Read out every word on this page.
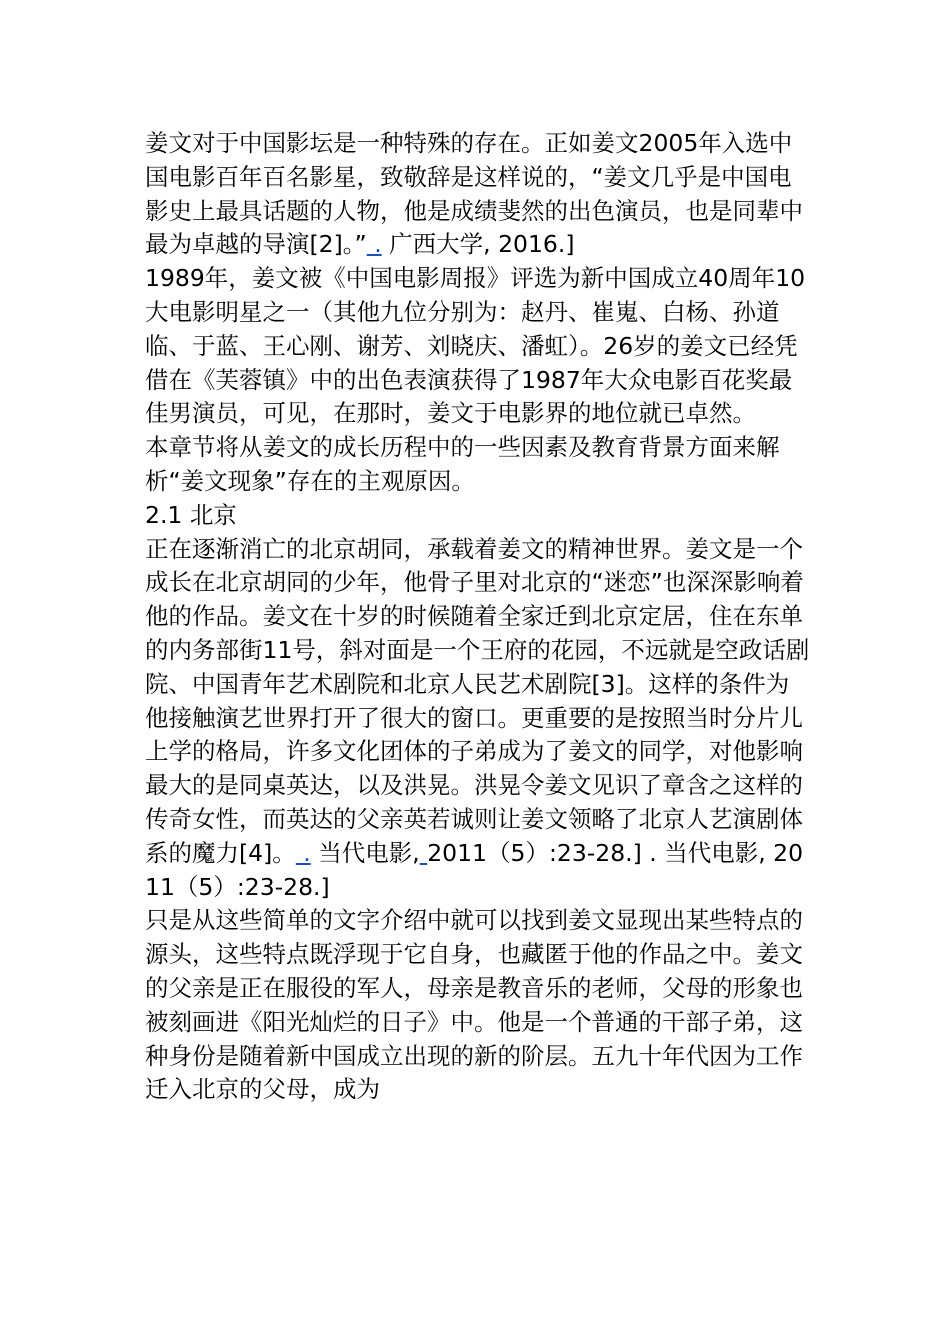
姜文对于中国影坛是一种特殊的存在。正如姜文2005年入选中国电影百年百名影星，致敬辞是这样说的，“姜文几乎是中国电影史上最具话题的人物，他是成绩斐然的出色演员，也是同辈中最为卓越的导演[2]。” . 广西大学, 2016.]

1989年，姜文被《中国电影周报》评选为新中国成立40周年10大电影明星之一（其他九位分别为：赵丹、崔嵬、白杨、孙道临、于蓝、王心刚、谢芳、刘晓庆、潘虹）。26岁的姜文已经凭借在《芙蓉镇》中的出色表演获得了1987年大众电影百花奖最佳男演员，可见，在那时，姜文于电影界的地位就已卓然。

本章节将从姜文的成长历程中的一些因素及教育背景方面来解析“姜文现象”存在的主观原因。

2.1 北京

正在逐渐消亡的北京胡同，承载着姜文的精神世界。姜文是一个成长在北京胡同的少年，他骨子里对北京的“迷恋”也深深影响着他的作品。姜文在十岁的时候随着全家迁到北京定居，住在东单的内务部街11号，斜对面是一个王府的花园，不远就是空政话剧院、中国青年艺术剧院和北京人民艺术剧院[3]。这样的条件为他接触演艺世界打开了很大的窗口。更重要的是按照当时分片儿上学的格局，许多文化团体的子弟成为了姜文的同学，对他影响最大的是同桌英达，以及洪晃。洪晃令姜文见识了章含之这样的传奇女性，而英达的父亲英若诚则让姜文领略了北京人艺演剧体系的魔力[4]。 . 当代电影, 2011（5）:23-28.] . 当代电影, 2011（5）:23-28.]

只是从这些简单的文字介绍中就可以找到姜文显现出某些特点的源头，这些特点既浮现于它自身，也藏匿于他的作品之中。姜文的父亲是正在服役的军人，母亲是教音乐的老师，父母的形象也被刻画进《阳光灿烂的日子》中。他是一个普通的干部子弟，这种身份是随着新中国成立出现的新的阶层。五九十年代因为工作迁入北京的父母，成为
